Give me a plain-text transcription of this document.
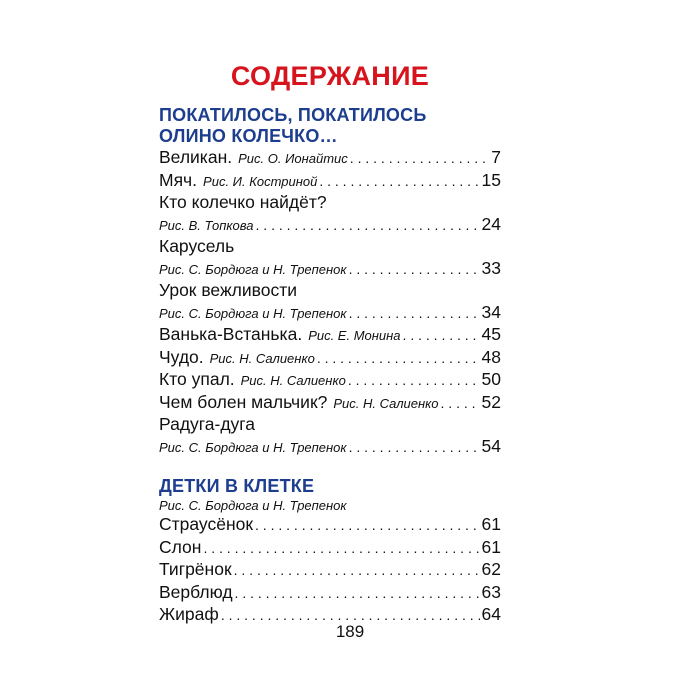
СОДЕРЖАНИЕ
ПОКАТИЛОСЬ, ПОКАТИЛОСЬ
ОЛИНО КОЛЕЧКО…
Великан. Рис. О. Ионайтис . . .	7
Мяч. Рис. И. Костриной . . .	15
Кто колечко найдёт?
Рис. В. Топкова . . .	24
Карусель
Рис. С. Бордюга и Н. Трепенок . . .	33
Урок вежливости
Рис. С. Бордюга и Н. Трепенок . . .	34
Ванька-Встанька. Рис. Е. Монина . . .	45
Чудо. Рис. Н. Салиенко . . .	48
Кто упал. Рис. Н. Салиенко . . .	50
Чем болен мальчик? Рис. Н. Салиенко . . . 52
Радуга-дуга
Рис. С. Бордюга и Н. Трепенок . . .	54
ДЕТКИ В КЛЕТКЕ
Рис. С. Бордюга и Н. Трепенок
Страусёнок . . .	61
Слон . . .	61
Тигрёнок . . .	62
Верблюд . . .	63
Жираф . . .	64
189
